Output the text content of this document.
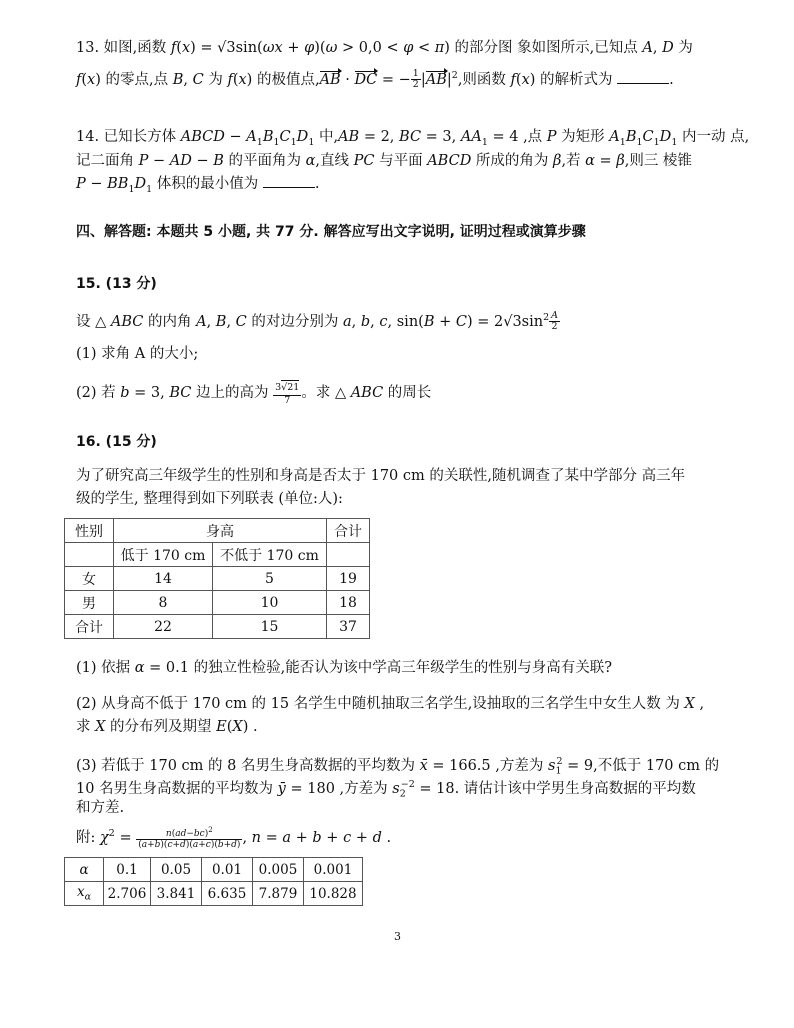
13. 如图,函数 f(x) = √3sin(ωx + φ)(ω > 0,0 < φ < π) 的部分图 象如图所示,已知点 A, D 为
f(x) 的零点,点 B, C 为 f(x) 的极值点,AB · DC = − $\frac{1}{2} |AB|^2$,则函数 f(x) 的解析式为	.
14. 已知长方体 ABCD − $A_1B_1C_1D_1$ 中,AB = 2, BC = 3, $AA_1 = 4$ ,点 P 为矩形 $A_1B_1C_1D_1$ 内一动 点,
记二面角 P − AD − B 的平面角为 α,直线 PC 与平面 ABCD 所成的角为 β,若 α = β,则三 棱锥
$P - BB_1D_1$ 体积的最小值为	.
四、解答题: 本题共 5 小题, 共 77 分. 解答应写出文字说明, 证明过程或演算步骤
15. (13 分)
设 △ ABC 的内角 A, B, C 的对边分别为 a, b, c, $\sin(B + C) = 2√3\sin^2 \frac{A}{2}$
(1) 求角 A 的大小;
(2) 若 b = 3, BC 边上的高为 $\frac{3√21}{7}$ 。求 △ ABC 的周长
16. (15 分)
为了研究高三年级学生的性别和身高是否太于 170 cm 的关联性,随机调查了某中学部分 高三年
级的学生, 整理得到如下列联表 (单位:人):
性别	身高		合计
	低于 170 cm	不低于 170 cm	
女	14	5	19
男	8	10	18
合计	22	15	37
(1) 依据 α = 0.1 的独立性检验,能否认为该中学高三年级学生的性别与身高有关联?
(2) 从身高不低于 170 cm 的 15 名学生中随机抽取三名学生,设抽取的三名学生中女生人数 为 X ,
求 X 的分布列及期望 E(X) .
(3) 若低于 170 cm 的 8 名男生身高数据的平均数为 x̄ = 166.5 ,方差为 $s_1^2 = 9$,不低于 170 cm 的
10 名男生身高数据的平均数为 ȳ = 180 ,方差为 $s_2^{-2} = 18$. 请估计该中学男生身高数据的平均数
和方差.
附: $\chi^2 = \frac{n(ad-bc)^2}{(a+b)(c+d)(a+c)(b+d)}$ , n = a + b + c + d .
α	0.1	0.05	0.01	0.005	0.001
$x_\alpha$	2.706	3.841	6.635	7.879	10.828
3
